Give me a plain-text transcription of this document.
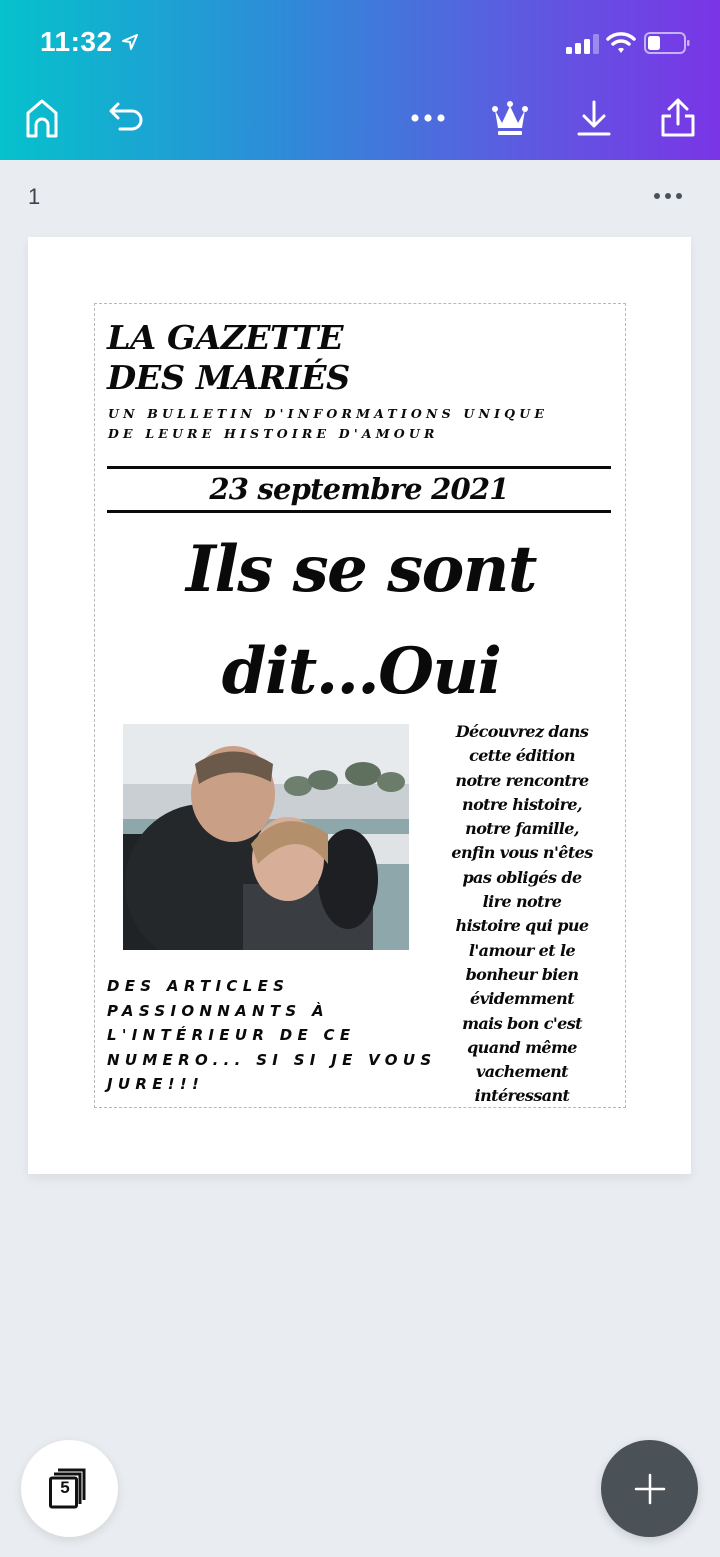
11:32
1
LA GAZETTE
DES MARIÉS
UN BULLETIN D'INFORMATIONS UNIQUE
DE LEURE HISTOIRE D'AMOUR
23 septembre 2021
Ils se sont
dit...Oui
Découvrez dans
cette édition
notre rencontre
notre histoire,
notre famille,
enfin vous n'êtes
pas obligés de
lire notre
histoire qui pue
l'amour et le
bonheur bien
évidemment
mais bon c'est
quand même
vachement
intéressant
DES ARTICLES
PASSIONNANTS À
L'INTÉRIEUR DE CE
NUMERO... SI SI JE VOUS
JURE!!!
5
